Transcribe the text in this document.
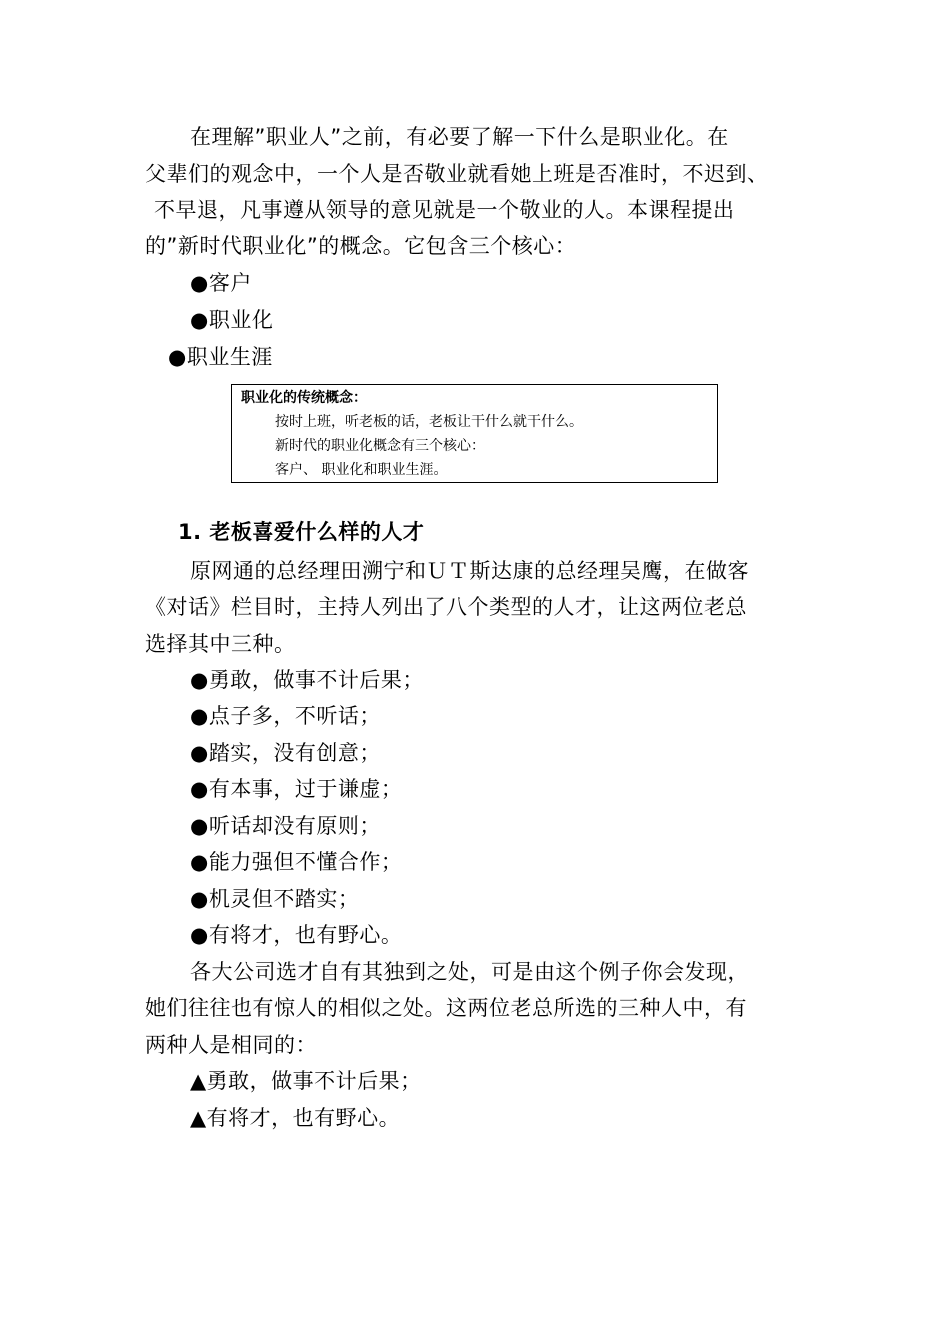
在理解”职业人”之前，有必要了解一下什么是职业化。在
父辈们的观念中，一个人是否敬业就看她上班是否准时，不迟到、
不早退，凡事遵从领导的意见就是一个敬业的人。本课程提出
的”新时代职业化”的概念。它包含三个核心：
●客户
●职业化
●职业生涯
职业化的传统概念：
按时上班，听老板的话，老板让干什么就干什么。
新时代的职业化概念有三个核心：
客户、 职业化和职业生涯。
1. 老板喜爱什么样的人才
原网通的总经理田溯宁和ＵＴ斯达康的总经理吴鹰，在做客
《对话》栏目时，主持人列出了八个类型的人才，让这两位老总
选择其中三种。
●勇敢，做事不计后果；
●点子多，不听话；
●踏实，没有创意；
●有本事，过于谦虚；
●听话却没有原则；
●能力强但不懂合作；
●机灵但不踏实；
●有将才，也有野心。
各大公司选才自有其独到之处，可是由这个例子你会发现，
她们往往也有惊人的相似之处。这两位老总所选的三种人中，有
两种人是相同的：
▲勇敢，做事不计后果；
▲有将才，也有野心。
